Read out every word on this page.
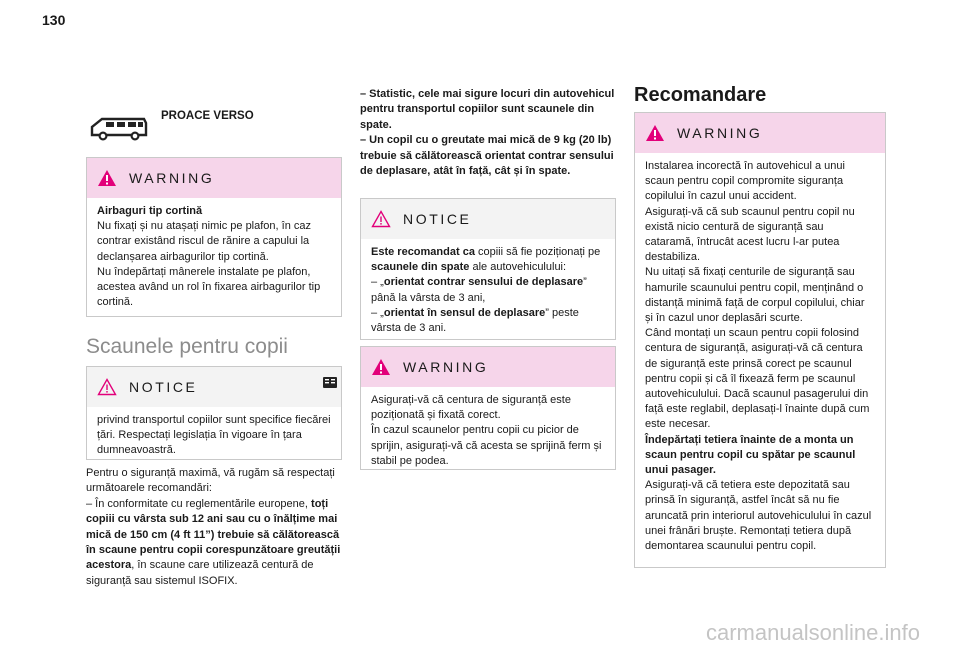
130
PROACE VERSO
WARNING

Airbaguri tip cortină

Nu fixați și nu atașați nimic pe plafon, în caz contrar existând riscul de rănire a capului la declanșarea airbagurilor tip cortină.

Nu îndepărtați mânerele instalate pe plafon, acestea având un rol în fixarea airbagurilor tip cortină.

Scaunele pentru copii
NOTICE

privind transportul copiilor sunt specifice fiecărei țări. Respectați legislația în vigoare în țara dumneavoastră.

Pentru o siguranță maximă, vă rugăm să respectați următoarele recomandări:

– În conformitate cu reglementările europene, toți copiii cu vârsta sub 12 ani sau cu o înălțime mai mică de 150 cm (4 ft 11”) trebuie să călătorească în scaune pentru copii corespunzătoare greutății acestora, în scaune care utilizează centură de siguranță sau sistemul ISOFIX.

– Statistic, cele mai sigure locuri din autovehicul pentru transportul copiilor sunt scaunele din spate.

– Un copil cu o greutate mai mică de 9 kg (20 lb) trebuie să călătorească orientat contrar sensului de deplasare, atât în față, cât și în spate.

NOTICE

Este recomandat ca copiii să fie poziționați pe scaunele din spate ale autovehiculului:

– „orientat contrar sensului de deplasare” până la vârsta de 3 ani,

– „orientat în sensul de deplasare” peste vârsta de 3 ani.

WARNING

Asigurați-vă că centura de siguranță este poziționată și fixată corect.

În cazul scaunelor pentru copii cu picior de sprijin, asigurați-vă că acesta se sprijină ferm și stabil pe podea.

Recomandare
WARNING

Instalarea incorectă în autovehicul a unui scaun pentru copil compromite siguranța copilului în cazul unui accident.

Asigurați-vă că sub scaunul pentru copil nu există nicio centură de siguranță sau cataramă, întrucât acest lucru l-ar putea destabiliza.

Nu uitați să fixați centurile de siguranță sau hamurile scaunului pentru copil, menținând o distanță minimă față de corpul copilului, chiar și în cazul unor deplasări scurte.

Când montați un scaun pentru copii folosind centura de siguranță, asigurați-vă că centura de siguranță este prinsă corect pe scaunul pentru copii și că îl fixează ferm pe scaunul autovehiculului. Dacă scaunul pasagerului din față este reglabil, deplasați-l înainte după cum este necesar.

Îndepărtați tetiera înainte de a monta un scaun pentru copil cu spătar pe scaunul unui pasager.

Asigurați-vă că tetiera este depozitată sau prinsă în siguranță, astfel încât să nu fie aruncată prin interiorul autovehiculului în cazul unei frânări bruște. Remontați tetiera după demontarea scaunului pentru copil.

carmanualsonline.info
